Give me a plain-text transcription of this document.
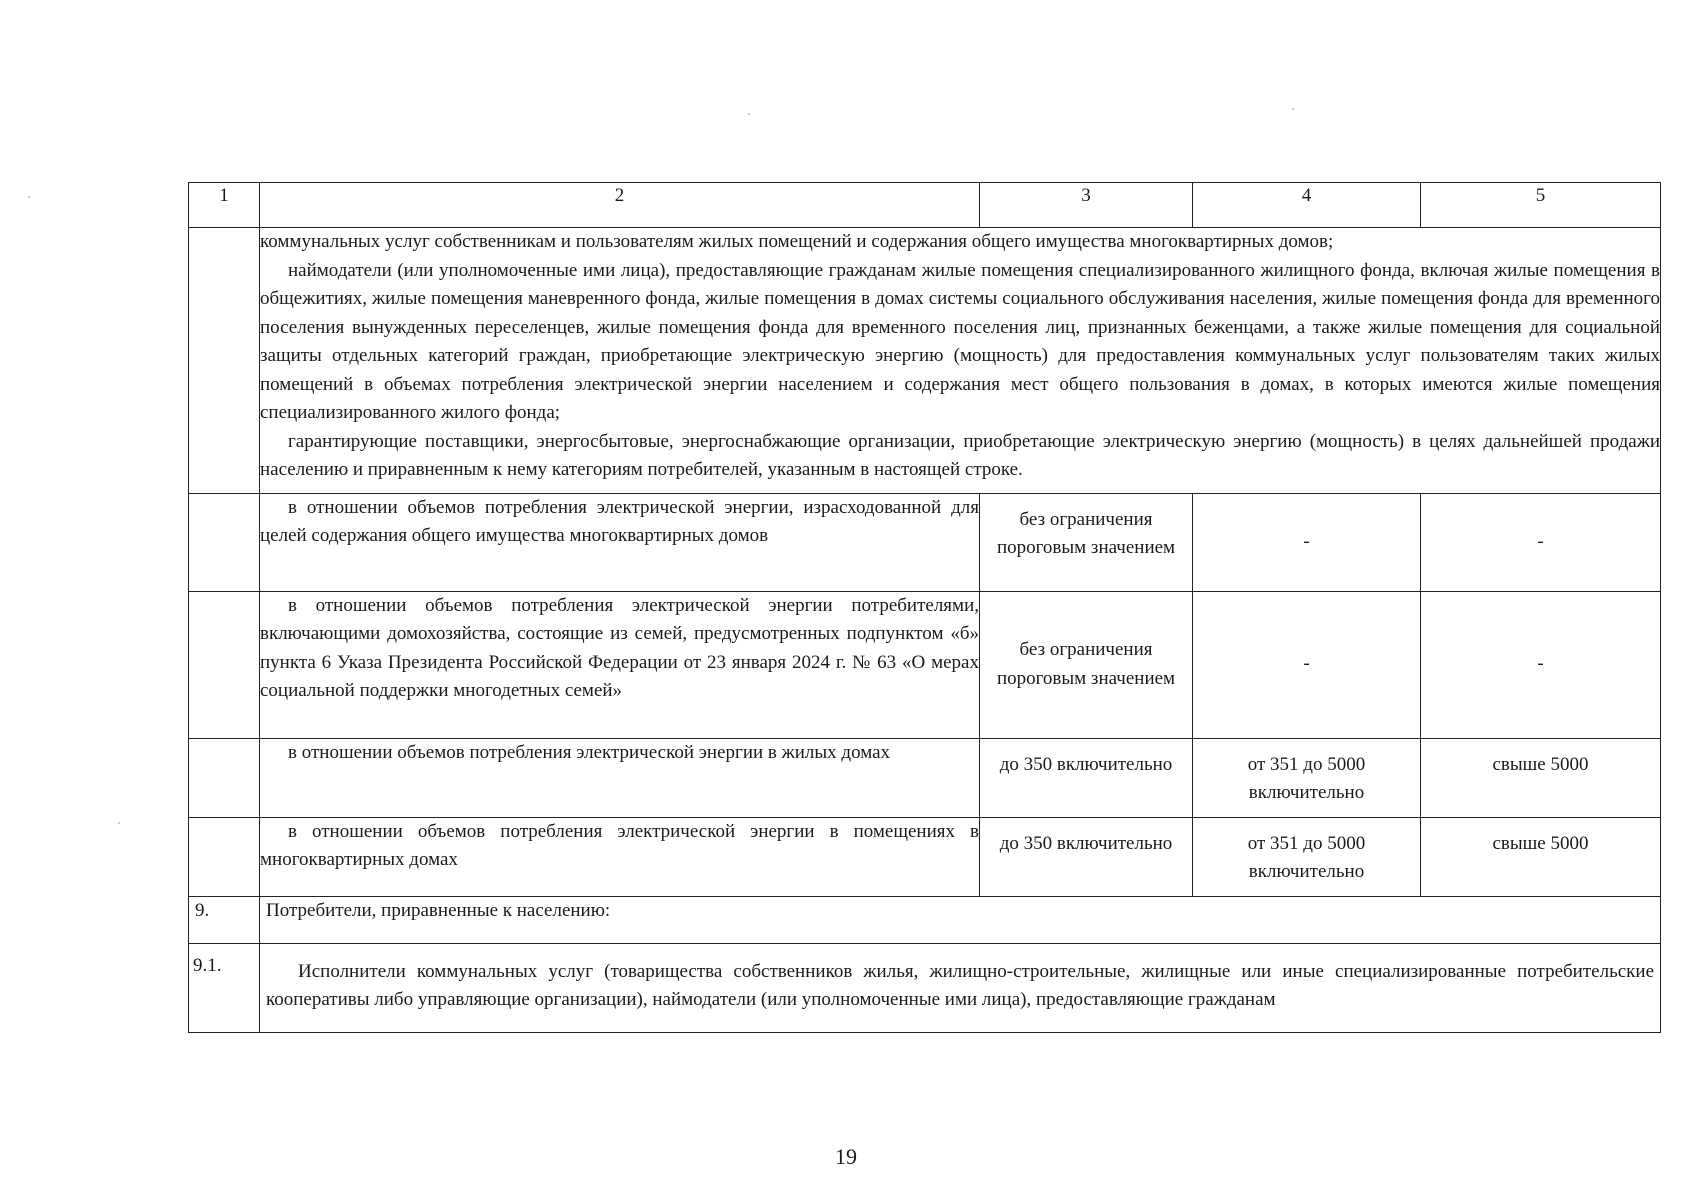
1	2	3	4	5

	коммунальных услуг собственникам и пользователям жилых помещений и содержания общего имущества многоквартирных домов;

наймодатели (или уполномоченные ими лица), предоставляющие гражданам жилые помещения специализированного жилищного фонда, включая жилые помещения в общежитиях, жилые помещения маневренного фонда, жилые помещения в домах системы социального обслуживания населения, жилые помещения фонда для временного поселения вынужденных переселенцев, жилые помещения фонда для временного поселения лиц, признанных беженцами, а также жилые помещения для социальной защиты отдельных категорий граждан, приобретающие электрическую энергию (мощность) для предоставления коммунальных услуг пользователям таких жилых помещений в объемах потребления электрической энергии населением и содержания мест общего пользования в домах, в которых имеются жилые помещения специализированного жилого фонда;

гарантирующие поставщики, энергосбытовые, энергоснабжающие организации, приобретающие электрическую энергию (мощность) в целях дальнейшей продажи населению и приравненным к нему категориям потребителей, указанным в настоящей строке.			

	в отношении объемов потребления электрической энергии, израсходованной для целей содержания общего имущества многоквартирных домов	без ограничения пороговым значением	-	-

	в отношении объемов потребления электрической энергии потребителями, включающими домохозяйства, состоящие из семей, предусмотренных подпунктом «б» пункта 6 Указа Президента Российской Федерации от 23 января 2024 г. № 63 «О мерах социальной поддержки многодетных семей»	без ограничения пороговым значением	-	-

	в отношении объемов потребления электрической энергии в жилых домах	до 350 включительно	от 351 до 5000 включительно	свыше 5000

	в отношении объемов потребления электрической энергии в помещениях в многоквартирных домах	до 350 включительно	от 351 до 5000 включительно	свыше 5000
9.	Потребители, приравненные к населению:			
9.1.	Исполнители коммунальных услуг (товарищества собственников жилья, жилищно-строительные, жилищные или иные специализированные потребительские кооперативы либо управляющие организации), наймодатели (или уполномоченные ими лица), предоставляющие гражданам			

19
